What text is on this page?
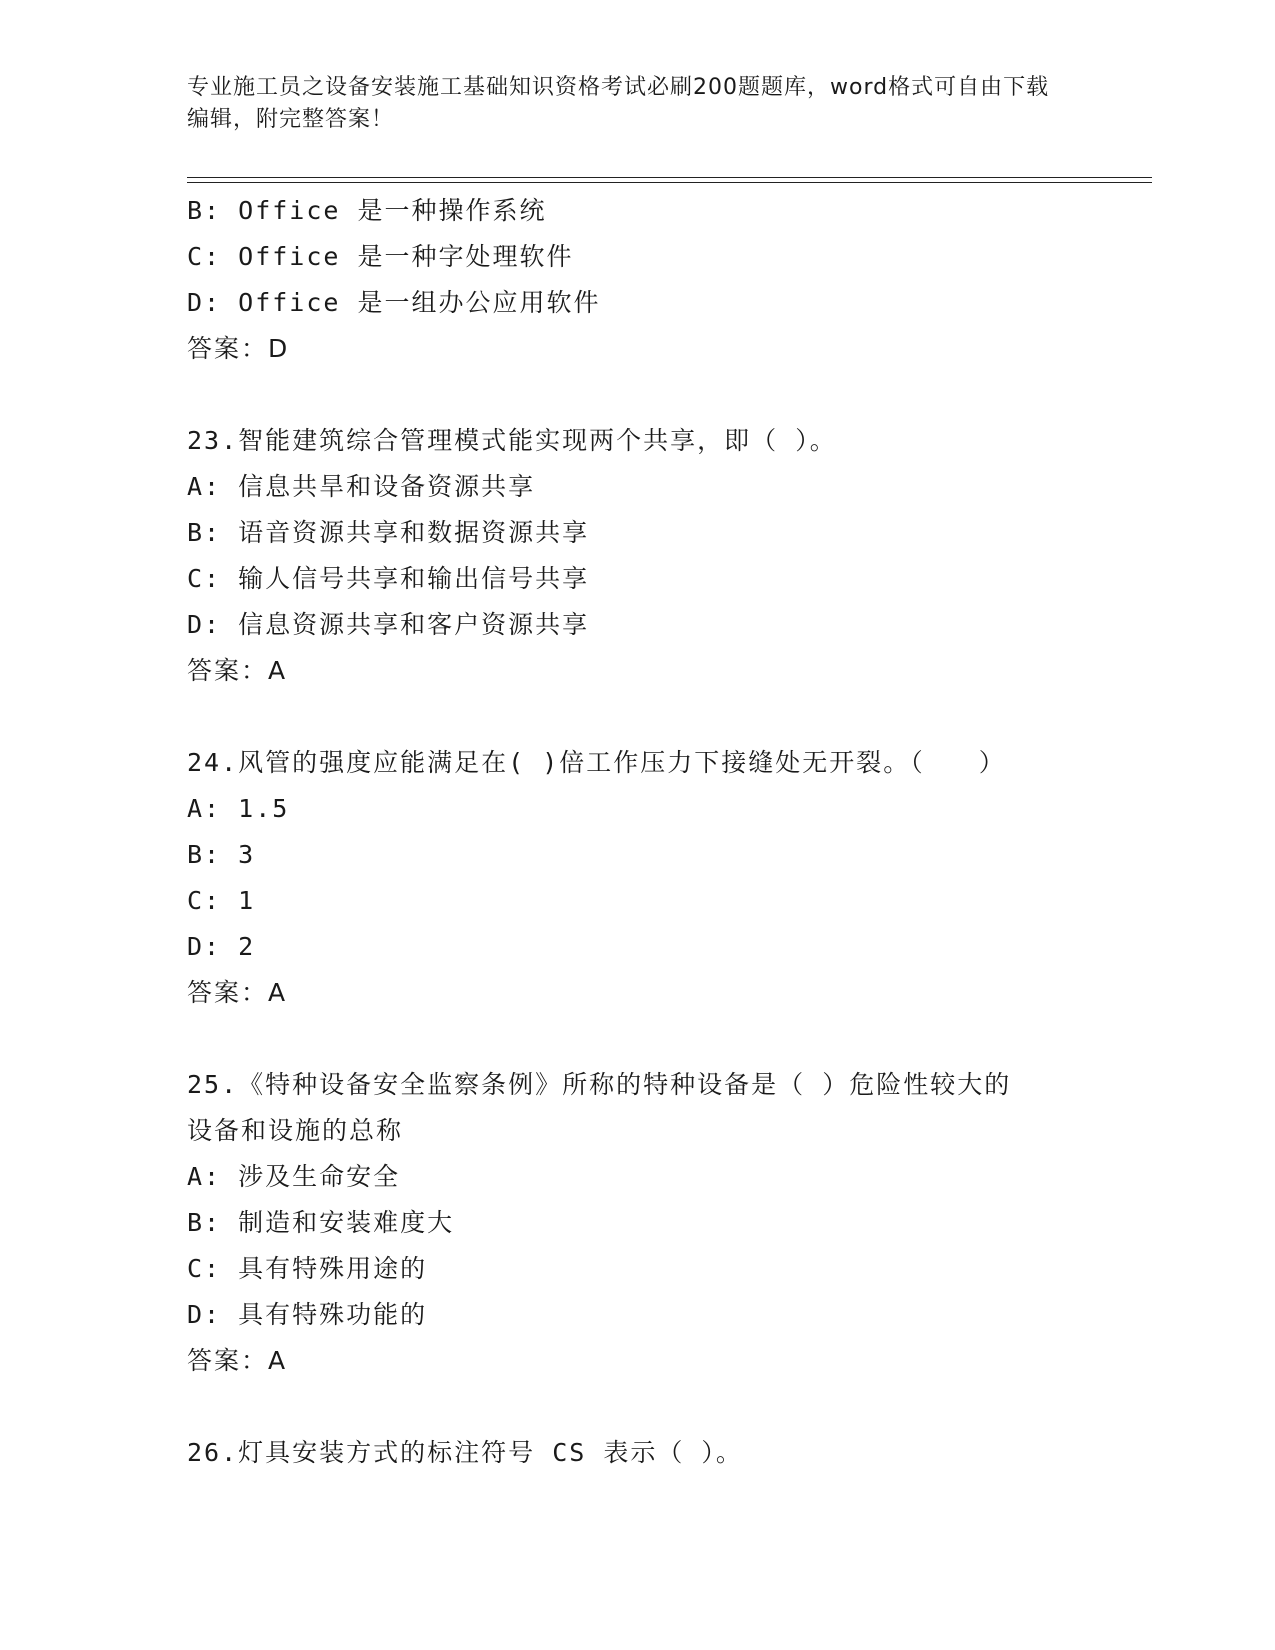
专业施工员之设备安装施工基础知识资格考试必刷200题题库，word格式可自由下载编辑，附完整答案！
B: Office 是一种操作系统
C: Office 是一种字处理软件
D: Office 是一组办公应用软件
答案：D
23.智能建筑综合管理模式能实现两个共享，即（ ）。
A: 信息共旱和设备资源共享
B: 语音资源共享和数据资源共享
C: 输人信号共享和输出信号共享
D: 信息资源共享和客户资源共享
答案：A
24.风管的强度应能满足在( )倍工作压力下接缝处无开裂。（　　）
A: 1.5
B: 3
C: 1
D: 2
答案：A
25.《特种设备安全监察条例》所称的特种设备是（ ）危险性较大的
设备和设施的总称
A: 涉及生命安全
B: 制造和安装难度大
C: 具有特殊用途的
D: 具有特殊功能的
答案：A
26.灯具安装方式的标注符号 CS 表示（ ）。
